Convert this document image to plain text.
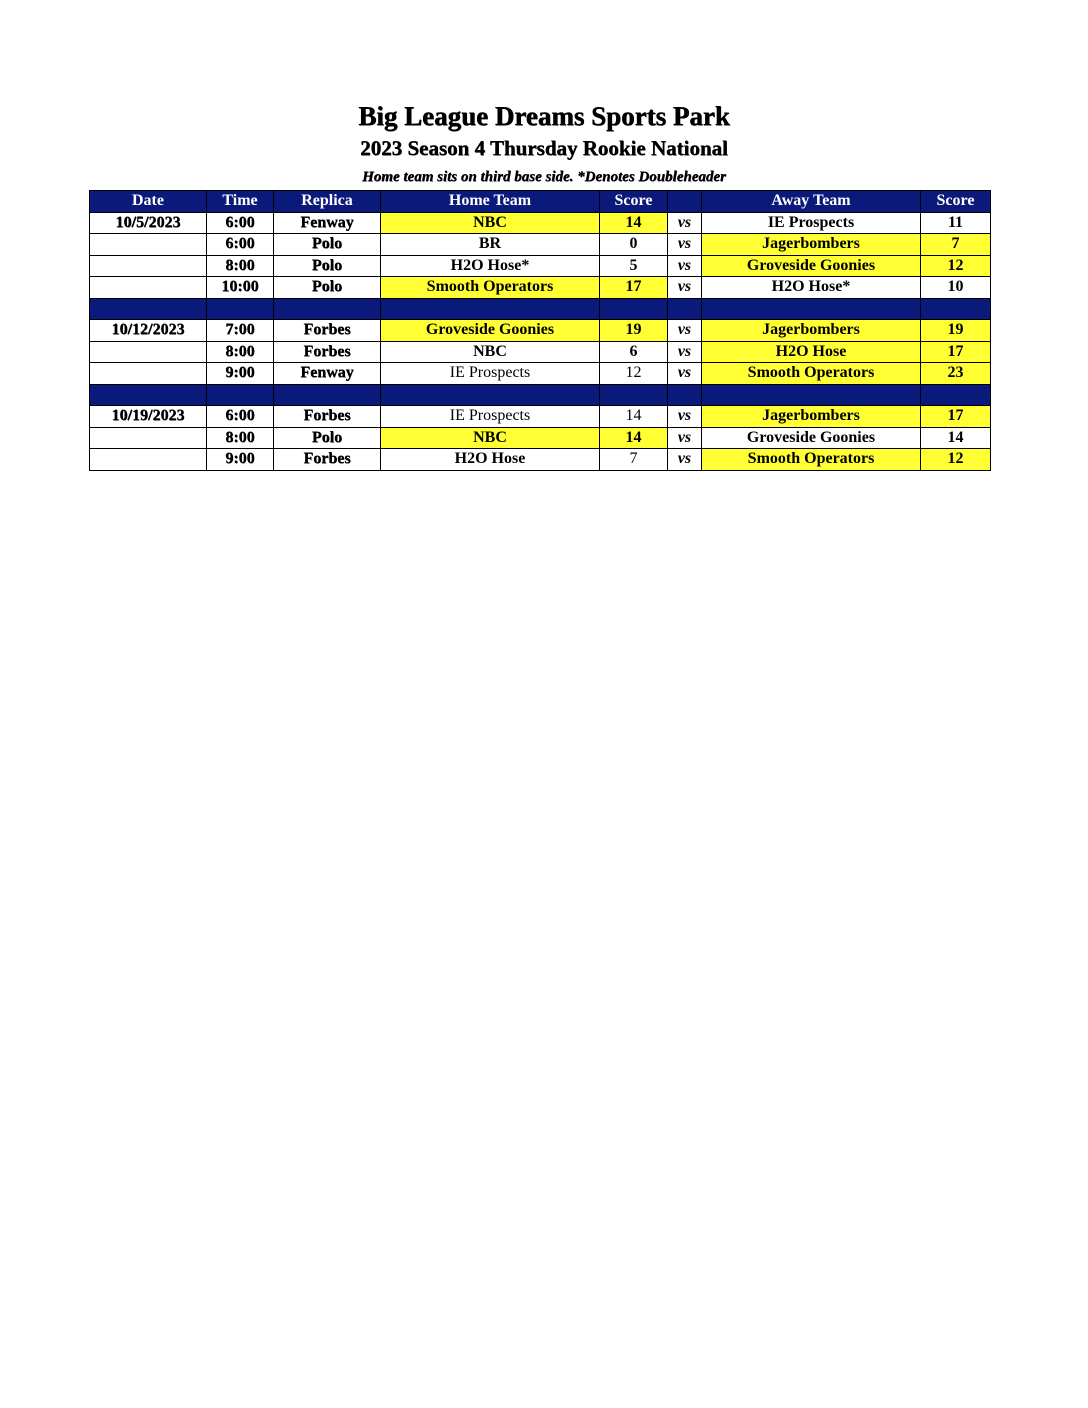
Big League Dreams Sports Park
2023 Season 4 Thursday Rookie National
Home team sits on third base side. *Denotes Doubleheader
Date	Time	Replica	Home Team	Score		Away Team	Score
10/5/2023	6:00	Fenway	NBC	14	vs	IE Prospects	11
	6:00	Polo	BR	0	vs	Jagerbombers	7
	8:00	Polo	H2O Hose*	5	vs	Groveside Goonies	12
	10:00	Polo	Smooth Operators	17	vs	H2O Hose*	10

10/12/2023	7:00	Forbes	Groveside Goonies	19	vs	Jagerbombers	19
	8:00	Forbes	NBC	6	vs	H2O Hose	17
	9:00	Fenway	IE Prospects	12	vs	Smooth Operators	23

10/19/2023	6:00	Forbes	IE Prospects	14	vs	Jagerbombers	17
	8:00	Polo	NBC	14	vs	Groveside Goonies	14
	9:00	Forbes	H2O Hose	7	vs	Smooth Operators	12
